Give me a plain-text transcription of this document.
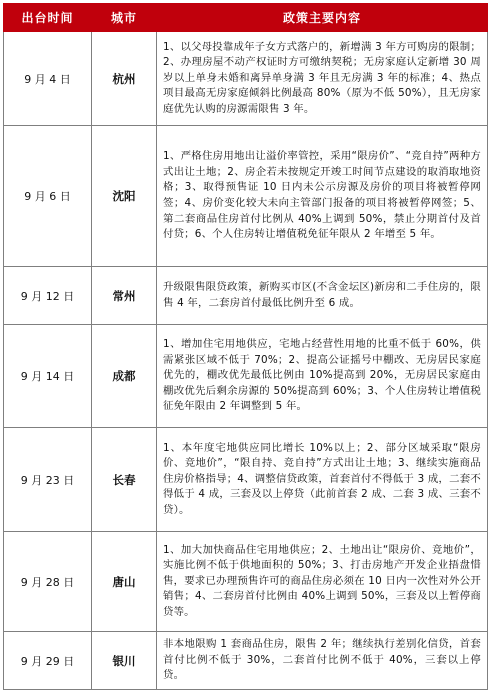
出台时间	城市	政策主要内容
9 月 4 日	杭州	1、以父母投靠成年子女方式落户的，新增满 3 年方可购房的限制；2、办理房屋不动产权证时方可缴纳契税；无房家庭认定新增 30 周岁以上单身未婚和离异单身满 3 年且无房满 3 年的标准；4、热点项目最高无房家庭倾斜比例最高 80%（原为不低 50%），且无房家庭优先认购的房源需限售 3 年。
9 月 6 日	沈阳	1、严格住房用地出让溢价率管控，采用“限房价”、“竞自持”两种方式出让土地；2、房企若未按规定开竣工时间节点建设的取消取地资格；3、取得预售证 10 日内未公示房源及房价的项目将被暂停网签；4、房价变化较大未向主管部门报备的项目将被暂停网签；5、第二套商品住房首付比例从 40%上调到 50%，禁止分期首付及首付贷；6、个人住房转让增值税免征年限从 2 年增至 5 年。
9 月 12 日	常州	升级限售限贷政策，新购买市区(不含金坛区)新房和二手住房的，限售 4 年，二套房首付最低比例升至 6 成。
9 月 14 日	成都	1、增加住宅用地供应，宅地占经营性用地的比重不低于 60%，供需紧张区域不低于 70%；2、提高公证摇号中棚改、无房居民家庭优先的，棚改优先最低比例由 10%提高到 20%，无房居民家庭由棚改优先后剩余房源的 50%提高到 60%；3、个人住房转让增值税征免年限由 2 年调整到 5 年。
9 月 23 日	长春	1、本年度宅地供应同比增长 10%以上；2、部分区域采取“限房价、竞地价”，“限自持、竞自持”方式出让土地；3、继续实施商品住房价格指导；4、调整信贷政策，首套首付不得低于 3 成，二套不得低于 4 成，三套及以上停贷（此前首套 2 成、二套 3 成、三套不贷）。
9 月 28 日	唐山	1、加大加快商品住宅用地供应；2、土地出让“限房价、竞地价”，实施比例不低于供地面积的 50%；3、打击房地产开发企业捂盘惜售，要求已办理预售许可的商品住房必须在 10 日内一次性对外公开销售；4、二套房首付比例由 40%上调到 50%，三套及以上暂停商贷等。
9 月 29 日	银川	非本地限购 1 套商品住房，限售 2 年；继续执行差别化信贷，首套首付比例不低于 30%，二套首付比例不低于 40%，三套以上停贷。
